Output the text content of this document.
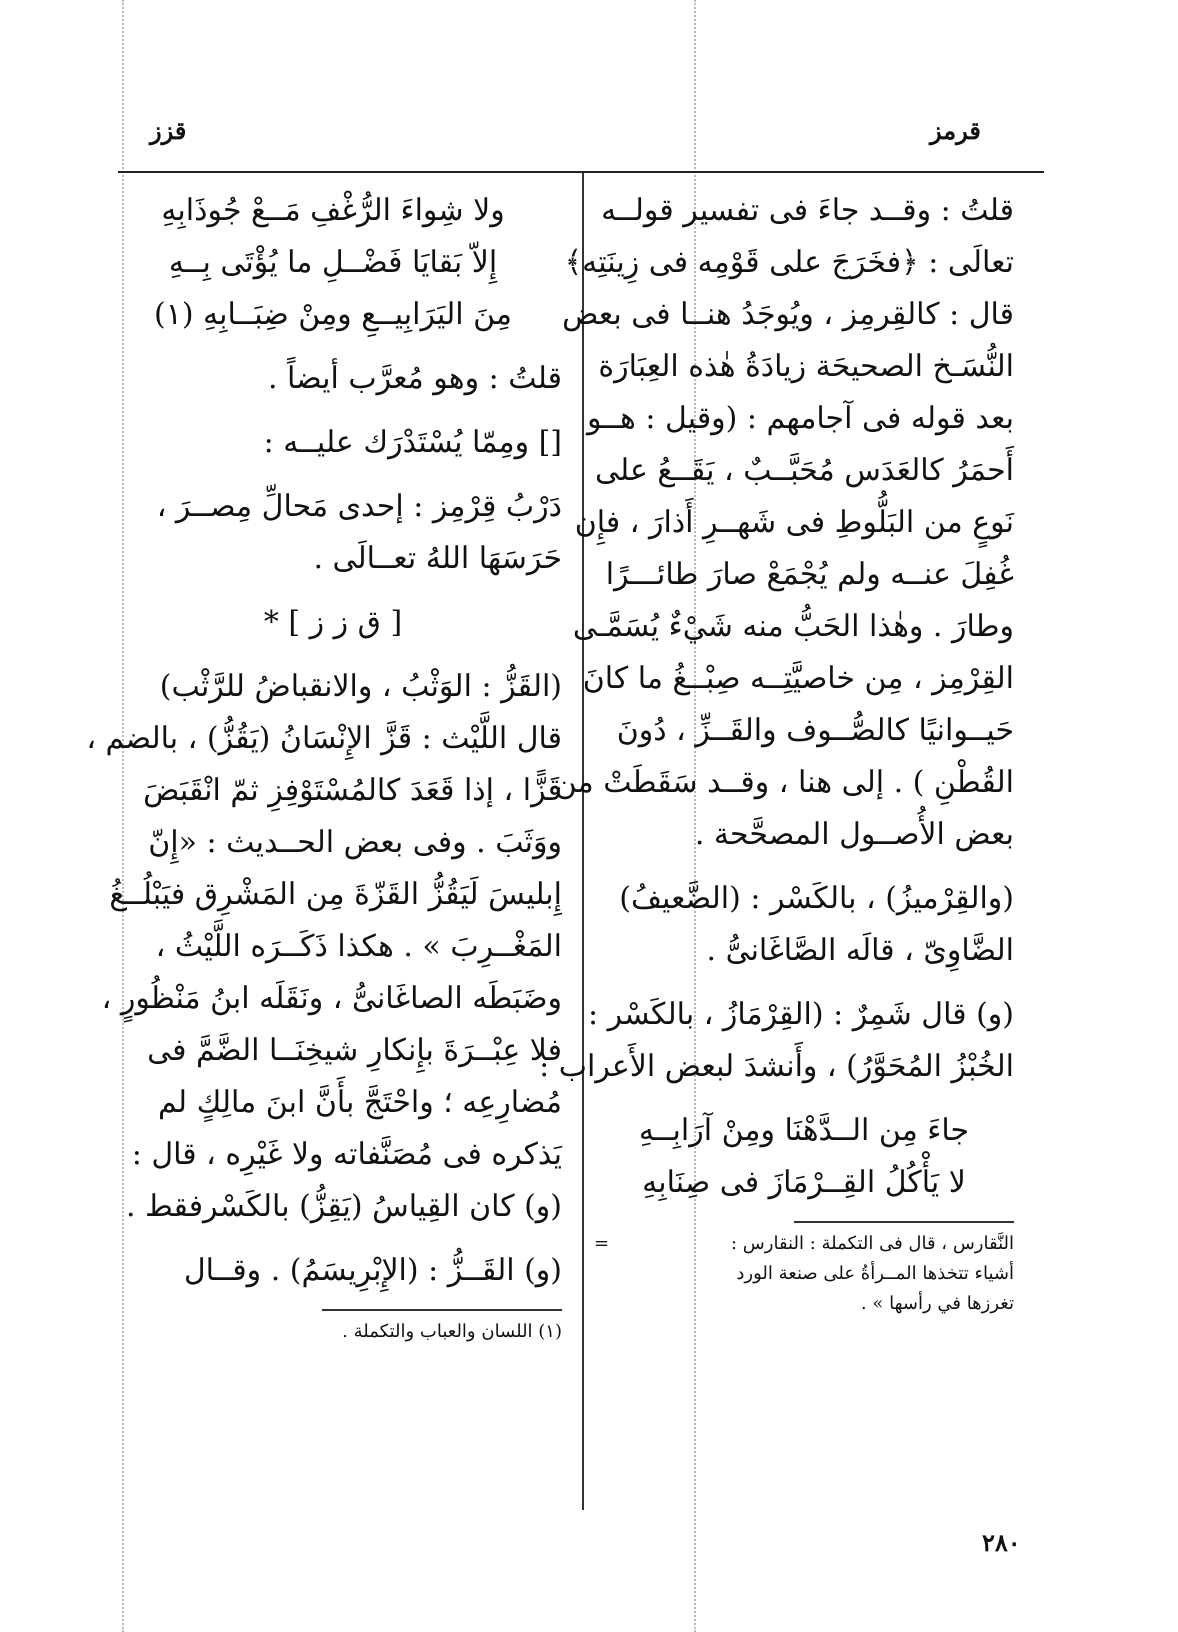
قرمز
قزز

قلتُ : وقــد جاءَ فى تفسير قولــه
تعالَى : ﴿فخَرَجَ على قَوْمِه فى زِينَتِه﴾
قال : كالقِرمِز ، ويُوجَدُ هنــا فى بعض
النُّسَـخ الصحيحَة زيادَةُ هٰذه العِبَارَة
بعد قوله فى آجامهم : (وقيل : هــو
أَحمَرُ كالعَدَس مُحَبَّــبٌ ، يَقَــعُ على
نَوعٍ من البَلُّوطِ فى شَهــرِ أَذارَ ، فإِن
غُفِلَ عنــه ولم يُجْمَعْ صارَ طائـــرًا
وطارَ . وهٰذا الحَبُّ منه شَيْءٌ يُسَمَّـى
القِرْمِز ، مِن خاصيَّتِــه صِبْــغُ ما كانَ
حَيــوانيًا كالصُّــوف والقَــزِّ ، دُونَ
القُطْنِ ) . إلى هنا ، وقــد سَقَطَتْ من
بعض الأُصــول المصحَّحة .

(والقِرْميزُ) ، بالكَسْر : (الضَّعيفُ)
الضَّاوِىّ ، قالَه الصَّاغَانىُّ .

(و) قال شَمِرٌ : (القِرْمَازُ ، بالكَسْر :
الخُبْزُ المُحَوَّرُ) ، وأَنشدَ لبعض الأَعراب :

جاءَ مِن الــدَّهْنَا ومِنْ آرَابِــهِ
لا يَأْكُلُ القِــرْمَازَ فى صِنَابِهِ

=	النَّقارس ، قال فى التكملة : النقارس :
أشياء تتخذها المــرأةُ على صنعة الورد
تغرزها في رأسها » .

ولا شِواءَ الرُّغْفِ مَــعْ جُوذَابِهِ
إِلاّ بَقايَا فَضْــلِ ما يُؤْتَى بِــهِ
مِنَ اليَرَابِيــعِ ومِنْ ضِبَــابِهِ (١)

قلتُ : وهو مُعرَّب أيضاً .

[] ومِمّا يُسْتَدْرَك عليــه :

دَرْبُ قِرْمِز : إحدى مَحالِّ مِصــرَ ،
حَرَسَهَا اللهُ تعــالَى .

[ ق ز ز ] *

(القَزُّ : الوَثْبُ ، والانقباضُ للرَّثْب)
قال اللَّيْث : قَزَّ الإِنْسَانُ (يَقُزُّ) ، بالضم ،
قَزًّا ، إذا قَعَدَ كالمُسْتَوْفِزِ ثمّ انْقَبَضَ
ووَثَبَ . وفى بعض الحــديث : «إِنّ
إِبليسَ لَيَقُزُّ القَزّةَ مِن المَشْرِق فيَبْلُــغُ
المَغْــرِبَ » . هكذا ذَكَــرَه اللَّيْثُ ،
وضَبَطَه الصاغَانىُّ ، ونَقَلَه ابنُ مَنْظُورٍ ،
فلا عِبْــرَةَ بإِنكارِ شيخِنَــا الضَّمَّ فى
مُضارِعِه ؛ واحْتَجَّ بأَنَّ ابنَ مالِكٍ لم
يَذكره فى مُصَنَّفاته ولا غَيْرِه ، قال :
(و) كان القِياسُ (يَقِزُّ) بالكَسْرفقط .

(و) القَــزُّ : (الإِبْرِيسَمُ) . وقــال

(١) اللسان والعباب والتكملة .
٢٨٠
